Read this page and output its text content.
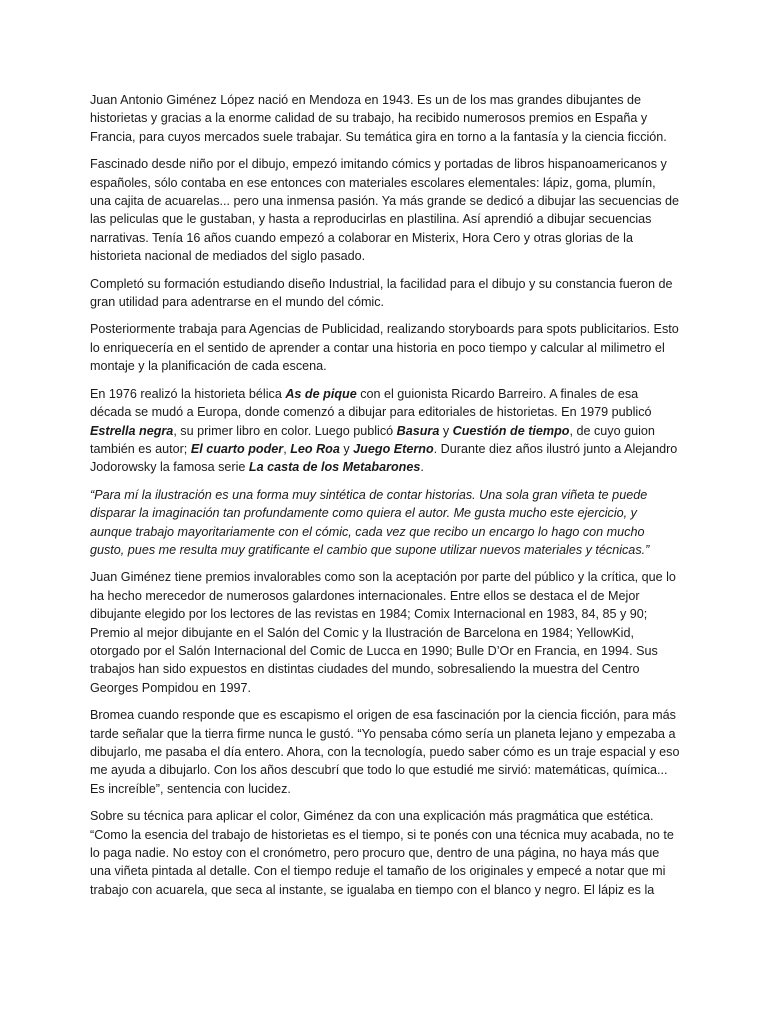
Juan Antonio Giménez López nació en Mendoza en 1943. Es un de los mas grandes dibujantes de historietas y gracias a la enorme calidad de su trabajo, ha recibido numerosos premios en España y Francia, para cuyos mercados suele trabajar. Su temática gira en torno a la fantasía y la ciencia ficción.

Fascinado desde niño por el dibujo, empezó imitando cómics y portadas de libros hispanoamericanos y españoles, sólo contaba en ese entonces con materiales escolares elementales: lápiz, goma, plumín, una cajita de acuarelas... pero una inmensa pasión. Ya más grande se dedicó a dibujar las secuencias de las peliculas que le gustaban, y hasta a reproducirlas en plastilina. Así aprendió a dibujar secuencias narrativas. Tenía 16 años cuando empezó a colaborar en Misterix, Hora Cero y otras glorias de la historieta nacional de mediados del siglo pasado.

Completó su formación estudiando diseño Industrial, la facilidad para el dibujo y su constancia fueron de gran utilidad para adentrarse en el mundo del cómic.

Posteriormente trabaja para Agencias de Publicidad, realizando storyboards para spots publicitarios. Esto lo enriquecería en el sentido de aprender a contar una historia en poco tiempo y calcular al milimetro el montaje y la planificación de cada escena.

En 1976 realizó la historieta bélica As de pique con el guionista Ricardo Barreiro. A finales de esa década se mudó a Europa, donde comenzó a dibujar para editoriales de historietas. En 1979 publicó Estrella negra, su primer libro en color. Luego publicó Basura y Cuestión de tiempo, de cuyo guion también es autor; El cuarto poder, Leo Roa y Juego Eterno. Durante diez años ilustró junto a Alejandro Jodorowsky la famosa serie La casta de los Metabarones.

“Para mí la ilustración es una forma muy sintética de contar historias. Una sola gran viñeta te puede disparar la imaginación tan profundamente como quiera el autor. Me gusta mucho este ejercicio, y aunque trabajo mayoritariamente con el cómic, cada vez que recibo un encargo lo hago con mucho gusto, pues me resulta muy gratificante el cambio que supone utilizar nuevos materiales y técnicas.”

Juan Giménez tiene premios invalorables como son la aceptación por parte del público y la crítica, que lo ha hecho merecedor de numerosos galardones internacionales. Entre ellos se destaca el de Mejor dibujante elegido por los lectores de las revistas en 1984; Comix Internacional en 1983, 84, 85 y 90; Premio al mejor dibujante en el Salón del Comic y la Ilustración de Barcelona en 1984; YellowKid, otorgado por el Salón Internacional del Comic de Lucca en 1990; Bulle D’Or en Francia, en 1994. Sus trabajos han sido expuestos en distintas ciudades del mundo, sobresaliendo la muestra del Centro Georges Pompidou en 1997.

Bromea cuando responde que es escapismo el origen de esa fascinación por la ciencia ficción, para más tarde señalar que la tierra firme nunca le gustó. “Yo pensaba cómo sería un planeta lejano y empezaba a dibujarlo, me pasaba el día entero. Ahora, con la tecnología, puedo saber cómo es un traje espacial y eso me ayuda a dibujarlo. Con los años descubrí que todo lo que estudié me sirvió: matemáticas, química... Es increíble”, sentencia con lucidez.

Sobre su técnica para aplicar el color, Giménez da con una explicación más pragmática que estética. “Como la esencia del trabajo de historietas es el tiempo, si te ponés con una técnica muy acabada, no te lo paga nadie. No estoy con el cronómetro, pero procuro que, dentro de una página, no haya más que una viñeta pintada al detalle. Con el tiempo reduje el tamaño de los originales y empecé a notar que mi trabajo con acuarela, que seca al instante, se igualaba en tiempo con el blanco y negro. El lápiz es la
